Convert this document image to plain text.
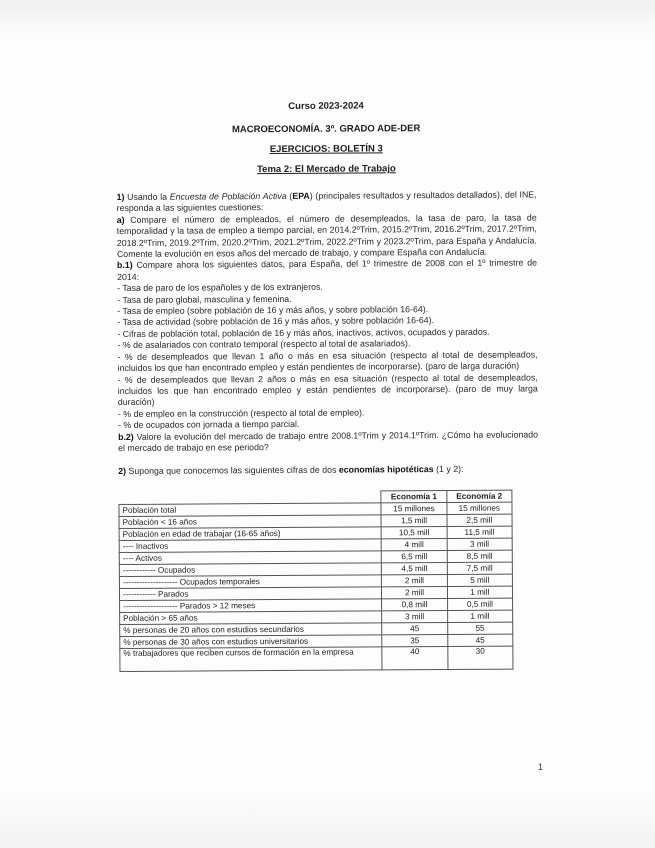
Curso 2023-2024

MACROECONOMÍA. 3º. GRADO ADE-DER

EJERCICIOS: BOLETÍN 3

Tema 2: El Mercado de Trabajo

1) Usando la Encuesta de Población Activa (EPA) (principales resultados y resultados detallados), del INE, responda a las siguientes cuestiones:

a) Compare el número de empleados, el número de desempleados, la tasa de paro, la tasa de temporalidad y la tasa de empleo a tiempo parcial, en 2014.2ºTrim, 2015.2ºTrim, 2016.2ºTrim, 2017.2ºTrim, 2018.2ºTrim, 2019.2ºTrim, 2020.2ºTrim, 2021.2ºTrim, 2022.2ºTrim y 2023.2ºTrim, para España y Andalucía. Comente la evolución en esos años del mercado de trabajo, y compare España con Andalucía.

b.1) Compare ahora los siguientes datos, para España, del 1º trimestre de 2008 con el 1º trimestre de 2014:

- Tasa de paro de los españoles y de los extranjeros.

- Tasa de paro global, masculina y femenina.

- Tasa de empleo (sobre población de 16 y más años, y sobre población 16-64).

- Tasa de actividad (sobre población de 16 y más años, y sobre población 16-64).

- Cifras de población total, población de 16 y más años, inactivos, activos, ocupados y parados.

- % de asalariados con contrato temporal (respecto al total de asalariados).

- % de desempleados que llevan 1 año o más en esa situación (respecto al total de desempleados, incluidos los que han encontrado empleo y están pendientes de incorporarse). (paro de larga duración)

- % de desempleados que llevan 2 años o más en esa situación (respecto al total de desempleados, incluidos los que han encontrado empleo y están pendientes de incorporarse). (paro de muy larga duración)

- % de empleo en la construcción (respecto al total de empleo).

- % de ocupados con jornada a tiempo parcial.

b.2) Valore la evolución del mercado de trabajo entre 2008.1ºTrim y 2014.1ºTrim. ¿Cómo ha evolucionado el mercado de trabajo en ese periodo?

2) Suponga que conocemos las siguientes cifras de dos economías hipotéticas (1 y 2):

	Economía 1	Economía 2
Población total	15 millones	15 millones
Población < 16 años	1,5 mill	2,5 mill
Población en edad de trabajar (16-65 años)	10,5 mill	11,5 mill
---- Inactivos	4 mill	3 mill
---- Activos	6,5 mill	8,5 mill
------------ Ocupados	4,5 mill	7,5 mill
-------------------- Ocupados temporales	2 mill	5 mill
------------ Parados	2 mill	1 mill
-------------------- Parados > 12 meses	0,8 mill	0,5 mill
Población > 65 años	3 mill	1 mill
% personas de 20 años con estudios secundarios	45	55
% personas de 30 años con estudios universitarios	35	45
% trabajadores que reciben cursos de formación en la empresa	40	30
1
